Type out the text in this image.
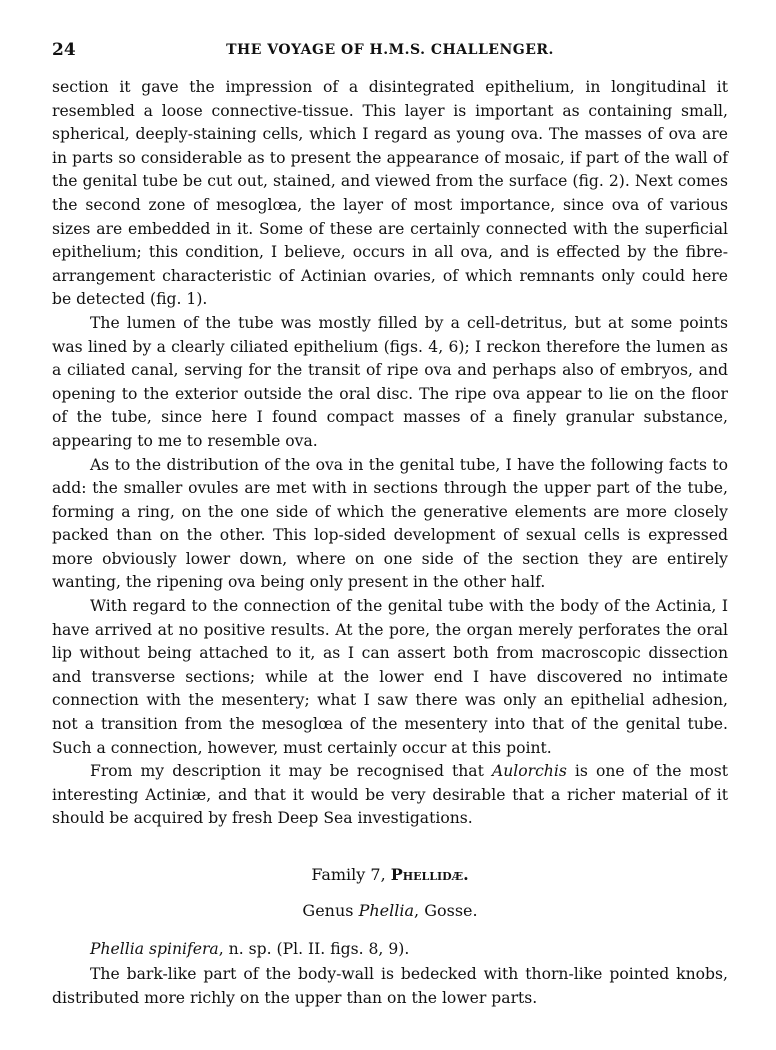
24	THE VOYAGE OF H.M.S. CHALLENGER.

section it gave the impression of a disintegrated epithelium, in longitudinal it resembled a loose connective-tissue. This layer is important as containing small, spherical, deeply-staining cells, which I regard as young ova. The masses of ova are in parts so considerable as to present the appearance of mosaic, if part of the wall of the genital tube be cut out, stained, and viewed from the surface (fig. 2). Next comes the second zone of mesoglœa, the layer of most importance, since ova of various sizes are embedded in it. Some of these are certainly connected with the superficial epithelium; this condition, I believe, occurs in all ova, and is effected by the fibre-arrangement characteristic of Actinian ovaries, of which remnants only could here be detected (fig. 1).

The lumen of the tube was mostly filled by a cell-detritus, but at some points was lined by a clearly ciliated epithelium (figs. 4, 6); I reckon therefore the lumen as a ciliated canal, serving for the transit of ripe ova and perhaps also of embryos, and opening to the exterior outside the oral disc. The ripe ova appear to lie on the floor of the tube, since here I found compact masses of a finely granular substance, appearing to me to resemble ova.

As to the distribution of the ova in the genital tube, I have the following facts to add: the smaller ovules are met with in sections through the upper part of the tube, forming a ring, on the one side of which the generative elements are more closely packed than on the other. This lop-sided development of sexual cells is expressed more obviously lower down, where on one side of the section they are entirely wanting, the ripening ova being only present in the other half.

With regard to the connection of the genital tube with the body of the Actinia, I have arrived at no positive results. At the pore, the organ merely perforates the oral lip without being attached to it, as I can assert both from macroscopic dissection and transverse sections; while at the lower end I have discovered no intimate connection with the mesentery; what I saw there was only an epithelial adhesion, not a transition from the mesoglœa of the mesentery into that of the genital tube. Such a connection, however, must certainly occur at this point.

From my description it may be recognised that Aulorchis is one of the most interesting Actiniæ, and that it would be very desirable that a richer material of it should be acquired by fresh Deep Sea investigations.

Family 7, Phellidæ.
Genus Phellia, Gosse.
Phellia spinifera, n. sp. (Pl. II. figs. 8, 9).

The bark-like part of the body-wall is bedecked with thorn-like pointed knobs, distributed more richly on the upper than on the lower parts.
